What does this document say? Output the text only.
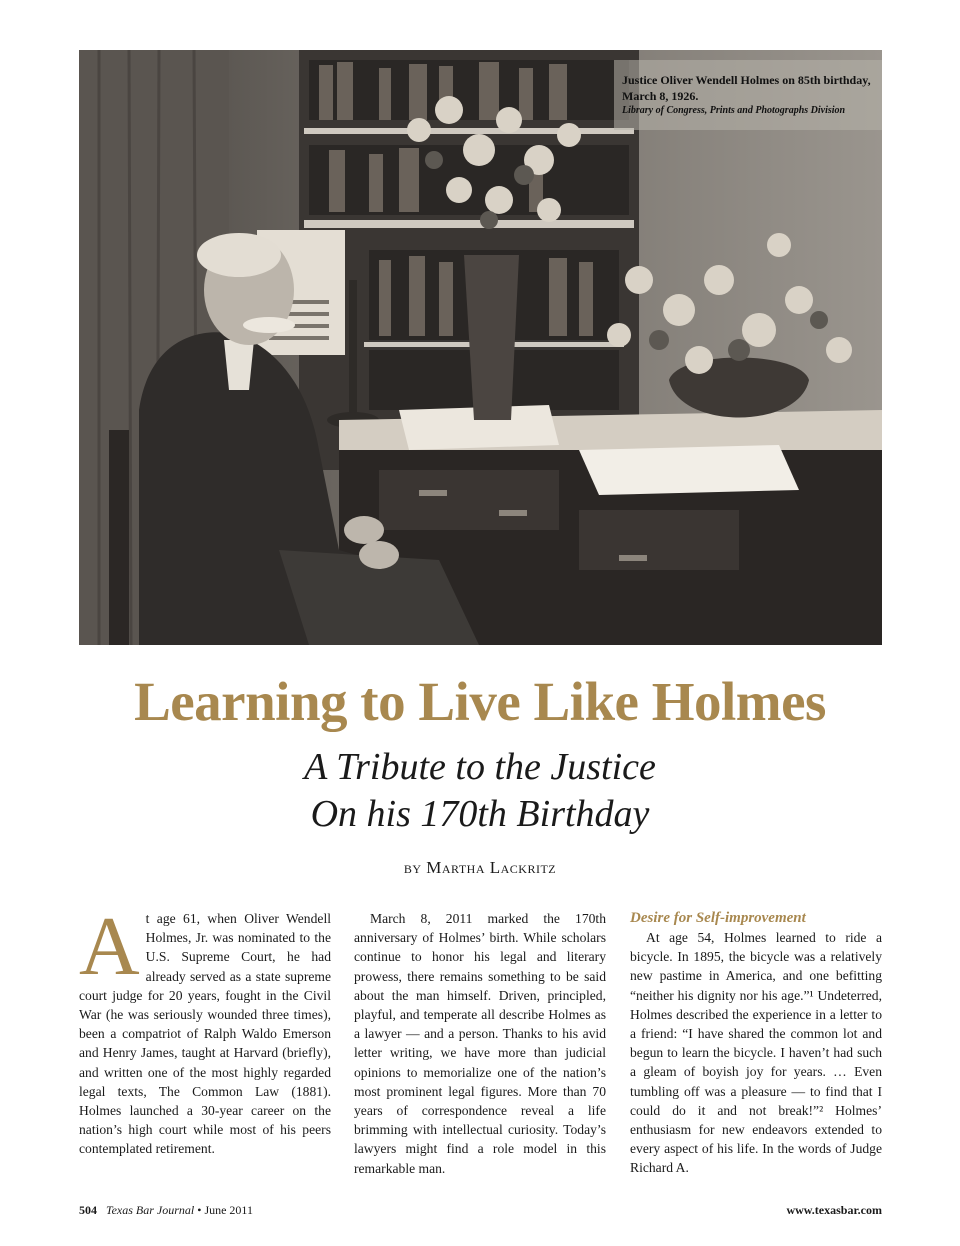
Justice Oliver Wendell Holmes on 85th birthday,
March 8, 1926.
Library of Congress, Prints and Photographs Division
Learning to Live Like Holmes
A Tribute to the Justice
On his 170th Birthday
by Martha Lackritz
A t age 61, when Oliver Wendell Holmes, Jr. was nominated to the U.S. Supreme Court, he had already served as a state supreme court judge for 20 years, fought in the Civil War (he was seriously wounded three times), been a compatriot of Ralph Waldo Emerson and Henry James, taught at Harvard (briefly), and written one of the most highly regarded legal texts, The Common Law (1881). Holmes launched a 30-year career on the nation’s high court while most of his peers contemplated retirement.

March 8, 2011 marked the 170th anniversary of Holmes’ birth. While scholars continue to honor his legal and literary prowess, there remains something to be said about the man himself. Driven, principled, playful, and temperate all describe Holmes as a lawyer — and a person. Thanks to his avid letter writing, we have more than judicial opinions to memorialize one of the nation’s most prominent legal figures. More than 70 years of correspondence reveal a life brimming with intellectual curiosity. Today’s lawyers might find a role model in this remarkable man.

Desire for Self-improvement

At age 54, Holmes learned to ride a bicycle. In 1895, the bicycle was a relatively new pastime in America, and one befitting “neither his dignity nor his age.”¹ Undeterred, Holmes described the experience in a letter to a friend: “I have shared the common lot and begun to learn the bicycle. I haven’t had such a gleam of boyish joy for years. … Even tumbling off was a pleasure — to find that I could do it and not break!”² Holmes’ enthusiasm for new endeavors extended to every aspect of his life. In the words of Judge Richard A.

504 Texas Bar Journal • June 2011	www.texasbar.com
